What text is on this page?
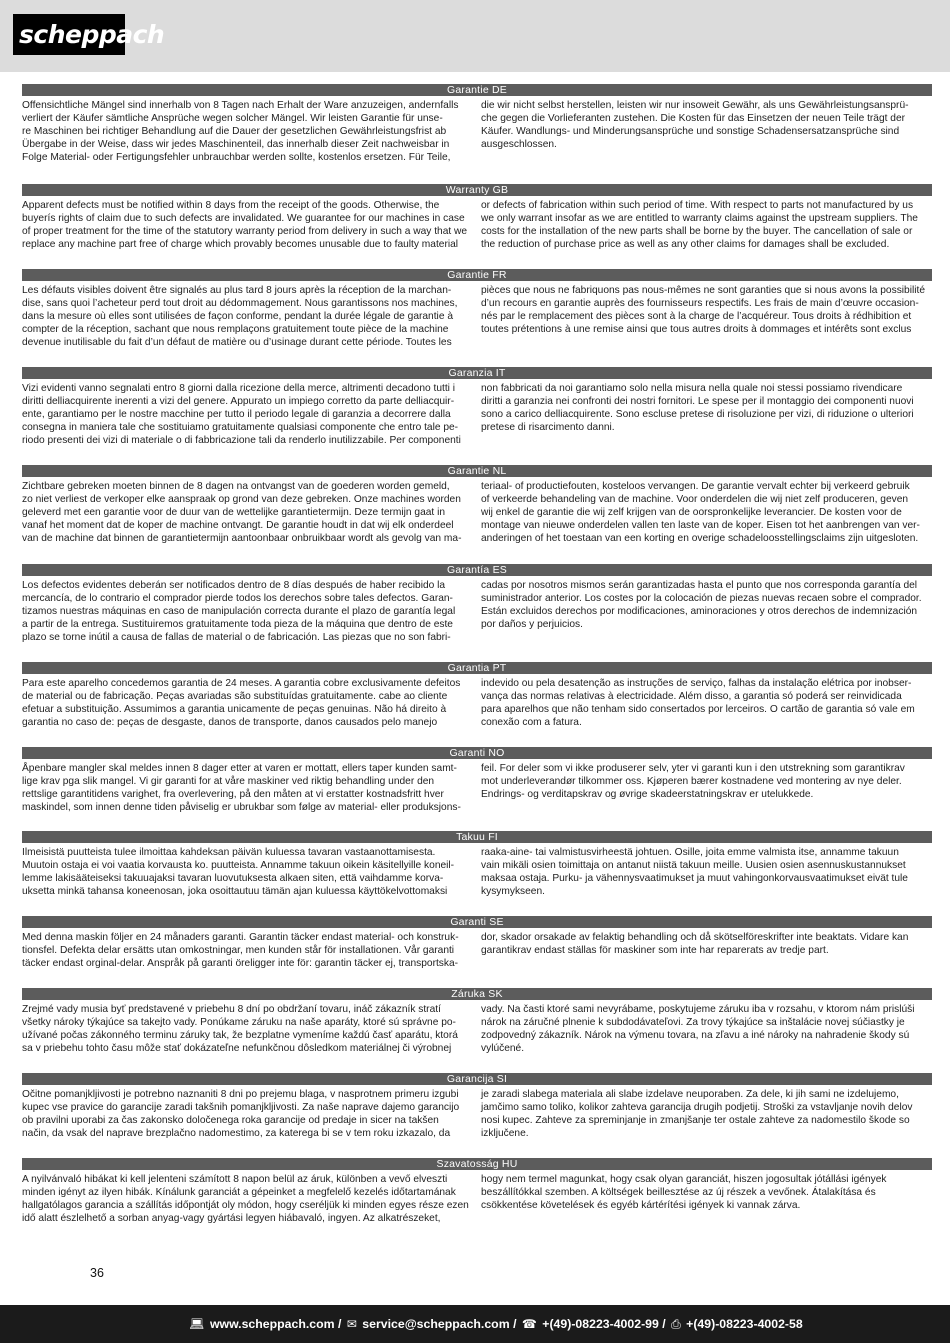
scheppach
Garantie DE
Offensichtliche Mängel sind innerhalb von 8 Tagen nach Erhalt der Ware anzuzeigen, andernfalls
verliert der Käufer sämtliche Ansprüche wegen solcher Mängel. Wir leisten Garantie für unse-
re Maschinen bei richtiger Behandlung auf die Dauer der gesetzlichen Gewährleistungsfrist ab
Übergabe in der Weise, dass wir jedes Maschinenteil, das innerhalb dieser Zeit nachweisbar in
Folge Material- oder Fertigungsfehler unbrauchbar werden sollte, kostenlos ersetzen. Für Teile,
die wir nicht selbst herstellen, leisten wir nur insoweit Gewähr, als uns Gewährleistungsansprü-
che gegen die Vorlieferanten zustehen. Die Kosten für das Einsetzen der neuen Teile trägt der
Käufer. Wandlungs- und Minderungsansprüche und sonstige Schadensersatzansprüche sind
ausgeschlossen.
Warranty GB
Apparent defects must be notified within 8 days from the receipt of the goods. Otherwise, the
buyerís rights of claim due to such defects are invalidated. We guarantee for our machines in case
of proper treatment for the time of the statutory warranty period from delivery in such a way that we
replace any machine part free of charge which provably becomes unusable due to faulty material
or defects of fabrication within such period of time. With respect to parts not manufactured by us
we only warrant insofar as we are entitled to warranty claims against the upstream suppliers. The
costs for the installation of the new parts shall be borne by the buyer. The cancellation of sale or
the reduction of purchase price as well as any other claims for damages shall be excluded.
Garantie FR
Les défauts visibles doivent être signalés au plus tard 8 jours après la réception de la marchan-
dise, sans quoi l’acheteur perd tout droit au dédommagement. Nous garantissons nos machines,
dans la mesure où elles sont utilisées de façon conforme, pendant la durée légale de garantie à
compter de la réception, sachant que nous remplaçons gratuitement toute pièce de la machine
devenue inutilisable du fait d’un défaut de matière ou d’usinage durant cette période. Toutes les
pièces que nous ne fabriquons pas nous-mêmes ne sont garanties que si nous avons la possibilité
d’un recours en garantie auprès des fournisseurs respectifs. Les frais de main d’œuvre occasion-
nés par le remplacement des pièces sont à la charge de l’acquéreur. Tous droits à rédhibition et
toutes prétentions à une remise ainsi que tous autres droits à dommages et intérêts sont exclus
Garanzia IT
Vizi evidenti vanno segnalati entro 8 giorni dalla ricezione della merce, altrimenti decadono tutti i
diritti delliacquirente inerenti a vizi del genere. Appurato un impiego corretto da parte delliacquir-
ente, garantiamo per le nostre macchine per tutto il periodo legale di garanzia a decorrere dalla
consegna in maniera tale che sostituiamo gratuitamente qualsiasi componente che entro tale pe-
riodo presenti dei vizi di materiale o di fabbricazione tali da renderlo inutilizzabile. Per componenti
non fabbricati da noi garantiamo solo nella misura nella quale noi stessi possiamo rivendicare
diritti a garanzia nei confronti dei nostri fornitori. Le spese per il montaggio dei componenti nuovi
sono a carico delliacquirente. Sono escluse pretese di risoluzione per vizi, di riduzione o ulteriori
pretese di risarcimento danni.
Garantie NL
Zichtbare gebreken moeten binnen de 8 dagen na ontvangst van de goederen worden gemeld,
zo niet verliest de verkoper elke aanspraak op grond van deze gebreken. Onze machines worden
geleverd met een garantie voor de duur van de wettelijke garantietermijn. Deze termijn gaat in
vanaf het moment dat de koper de machine ontvangt. De garantie houdt in dat wij elk onderdeel
van de machine dat binnen de garantietermijn aantoonbaar onbruikbaar wordt als gevolg van ma-
teriaal- of productiefouten, kosteloos vervangen. De garantie vervalt echter bij verkeerd gebruik
of verkeerde behandeling van de machine. Voor onderdelen die wij niet zelf produceren, geven
wij enkel de garantie die wij zelf krijgen van de oorspronkelijke leverancier. De kosten voor de
montage van nieuwe onderdelen vallen ten laste van de koper. Eisen tot het aanbrengen van ver-
anderingen of het toestaan van een korting en overige schadeloosstellingsclaims zijn uitgesloten.
Garantía ES
Los defectos evidentes deberán ser notificados dentro de 8 días después de haber recibido la
mercancía, de lo contrario el comprador pierde todos los derechos sobre tales defectos. Garan-
tizamos nuestras máquinas en caso de manipulación correcta durante el plazo de garantía legal
a partir de la entrega. Sustituiremos gratuitamente toda pieza de la máquina que dentro de este
plazo se torne inútil a causa de fallas de material o de fabricación. Las piezas que no son fabri-
cadas por nosotros mismos serán garantizadas hasta el punto que nos corresponda garantía del
suministrador anterior. Los costes por la colocación de piezas nuevas recaen sobre el comprador.
Están excluidos derechos por modificaciones, aminoraciones y otros derechos de indemnización
por daños y perjuicios.
Garantia PT
Para este aparelho concedemos garantia de 24 meses. A garantia cobre exclusivamente defeitos
de material ou de fabricação. Peças avariadas são substituídas gratuitamente. cabe ao cliente
efetuar a substituição. Assumimos a garantia unicamente de peças genuinas. Não há direito à
garantia no caso de: peças de desgaste, danos de transporte, danos causados pelo manejo
indevido ou pela desatenção as instruções de serviço, falhas da instalação elétrica por inobser-
vança das normas relativas à electricidade. Além disso, a garantia só poderá ser reinvidicada
para aparelhos que não tenham sido consertados por lerceiros. O cartão de garantia só vale em
conexão com a fatura.
Garanti NO
Åpenbare mangler skal meldes innen 8 dager etter at varen er mottatt, ellers taper kunden samt-
lige krav pga slik mangel. Vi gir garanti for at våre maskiner ved riktig behandling under den
rettslige garantitidens varighet, fra overlevering, på den måten at vi erstatter kostnadsfritt hver
maskindel, som innen denne tiden påviselig er ubrukbar som følge av material- eller produksjons-
feil. For deler som vi ikke produserer selv, yter vi garanti kun i den utstrekning som garantikrav
mot underleverandør tilkommer oss. Kjøperen bærer kostnadene ved montering av nye deler.
Endrings- og verditapskrav og øvrige skadeerstatningskrav er utelukkede.
Takuu FI
Ilmeisistä puutteista tulee ilmoittaa kahdeksan päivän kuluessa tavaran vastaanottamisesta.
Muutoin ostaja ei voi vaatia korvausta ko. puutteista. Annamme takuun oikein käsitellyille koneil-
lemme lakisääteiseksi takuuajaksi tavaran luovutuksesta alkaen siten, että vaihdamme korva-
uksetta minkä tahansa koneenosan, joka osoittautuu tämän ajan kuluessa käyttökelvottomaksi
raaka-aine- tai valmistusvirheestä johtuen. Osille, joita emme valmista itse, annamme takuun
vain mikäli osien toimittaja on antanut niistä takuun meille. Uusien osien asennuskustannukset
maksaa ostaja. Purku- ja vähennysvaatimukset ja muut vahingonkorvausvaatimukset eivät tule
kysymykseen.
Garanti SE
Med denna maskin följer en 24 månaders garanti. Garantin täcker endast material- och konstruk-
tionsfel. Defekta delar ersätts utan omkostningar, men kunden står för installationen. Vår garanti
täcker endast orginal-delar. Anspråk på garanti öreligger inte för: garantin täcker ej, transportska-
dor, skador orsakade av felaktig behandling och då skötselföreskrifter inte beaktats. Vidare kan
garantikrav endast ställas för maskiner som inte har reparerats av tredje part.
Záruka SK
Zrejmé vady musia byť predstavené v priebehu 8 dní po obdržaní tovaru, ináč zákazník stratí
všetky nároky týkajúce sa takejto vady. Ponúkame záruku na naše aparáty, ktoré sú správne po-
užívané počas zákonného terminu záruky tak, že bezplatne vymeníme každú časť aparátu, ktorá
sa v priebehu tohto času môže stať dokázateľne nefunkčnou dôsledkom materiálnej či výrobnej
vady. Na časti ktoré sami nevyrábame, poskytujeme záruku iba v rozsahu, v ktorom nám prislúši
nárok na záručné plnenie k subdodávateľovi. Za trovy týkajúce sa inštalácie novej súčiastky je
zodpovedný zákazník. Nárok na výmenu tovara, na zľavu a iné nároky na nahradenie škody sú
vylúčené.
Garancija SI
Očitne pomanjkljivosti je potrebno naznaniti 8 dni po prejemu blaga, v nasprotnem primeru izgubi
kupec vse pravice do garancije zaradi takšnih pomanjkljivosti. Za naše naprave dajemo garancijo
ob pravilni uporabi za čas zakonsko določenega roka garancije od predaje in sicer na takšen
način, da vsak del naprave brezplačno nadomestimo, za katerega bi se v tem roku izkazalo, da
je zaradi slabega materiala ali slabe izdelave neuporaben. Za dele, ki jih sami ne izdelujemo,
jamčimo samo toliko, kolikor zahteva garancija drugih podjetij. Stroški za vstavljanje novih delov
nosi kupec. Zahteve za spreminjanje in zmanjšanje ter ostale zahteve za nadomestilo škode so
izključene.
Szavatosság HU
A nyilvánvaló hibákat ki kell jelenteni számított 8 napon belül az áruk, különben a vevő elveszti
minden igényt az ilyen hibák. Kínálunk garanciát a gépeinket a megfelelő kezelés időtartamának
hallgatólagos garancia a szállítás időpontját oly módon, hogy cseréljük ki minden egyes része ezen
idő alatt észlelhető a sorban anyag-vagy gyártási legyen hiábavaló, ingyen. Az alkatrészeket,
hogy nem termel magunkat, hogy csak olyan garanciát, hiszen jogosultak jótállási igények
beszállítókkal szemben. A költségek beillesztése az új részek a vevőnek. Átalakítása és
csökkentése követelések és egyéb kártérítési igények ki vannak zárva.
36
💻︎ www.scheppach.com / ✉︎ service@scheppach.com / ☎︎ +(49)-08223-4002-99 / ⎙ +(49)-08223-4002-58
